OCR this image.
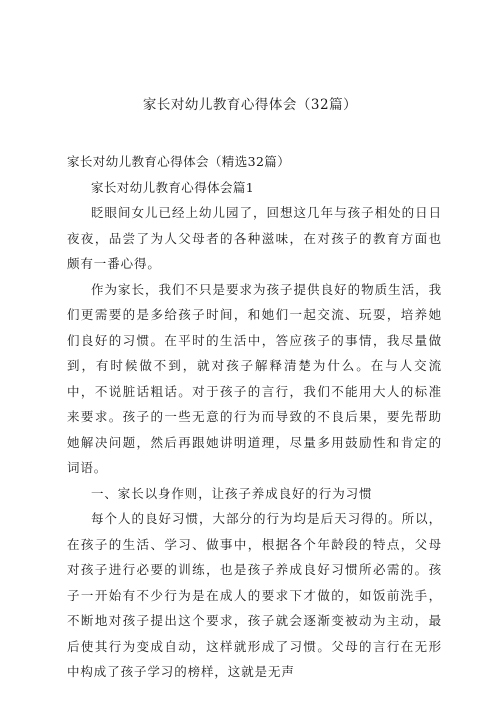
家长对幼儿教育心得体会（32篇）
家长对幼儿教育心得体会（精选32篇）
家长对幼儿教育心得体会篇1

眨眼间女儿已经上幼儿园了，回想这几年与孩子相处的日日夜夜，品尝了为人父母者的各种滋味，在对孩子的教育方面也颇有一番心得。

作为家长，我们不只是要求为孩子提供良好的物质生活，我们更需要的是多给孩子时间，和她们一起交流、玩耍，培养她们良好的习惯。在平时的生活中，答应孩子的事情，我尽量做到，有时候做不到，就对孩子解释清楚为什么。在与人交流中，不说脏话粗话。对于孩子的言行，我们不能用大人的标准来要求。孩子的一些无意的行为而导致的不良后果，要先帮助她解决问题，然后再跟她讲明道理，尽量多用鼓励性和肯定的词语。

一、家长以身作则，让孩子养成良好的行为习惯

每个人的良好习惯，大部分的行为均是后天习得的。所以，在孩子的生活、学习、做事中，根据各个年龄段的特点，父母对孩子进行必要的训练，也是孩子养成良好习惯所必需的。孩子一开始有不少行为是在成人的要求下才做的，如饭前洗手，不断地对孩子提出这个要求，孩子就会逐渐变被动为主动，最后使其行为变成自动，这样就形成了习惯。父母的言行在无形中构成了孩子学习的榜样，这就是无声
